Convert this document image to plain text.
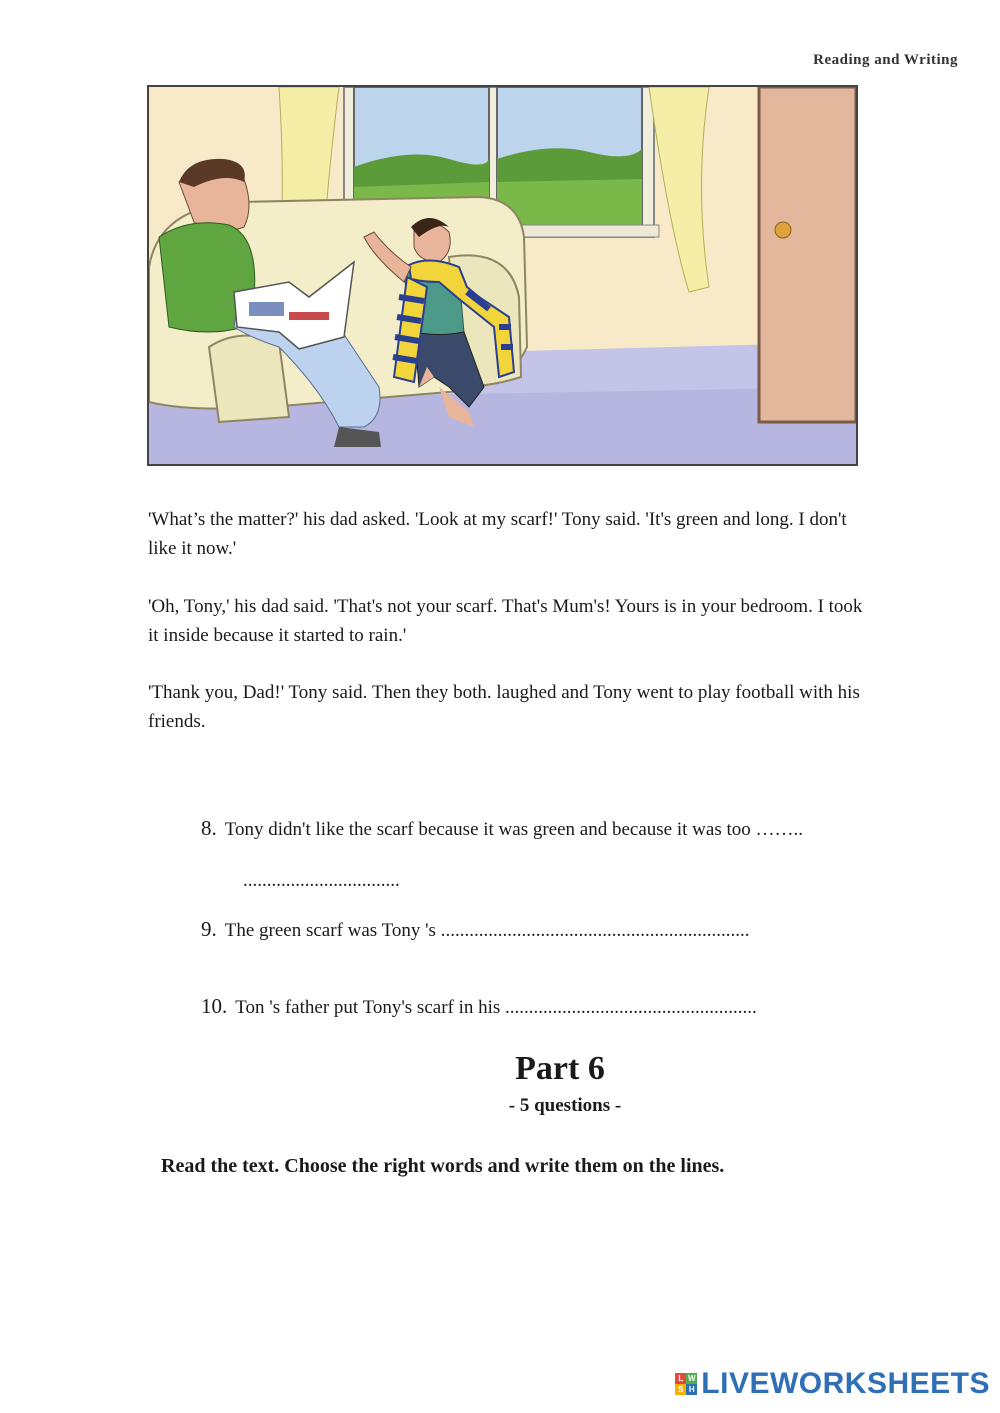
Reading and Writing
'What’s the matter?' his dad asked. 'Look at my scarf!' Tony said. 'It's green and long. I don't like it now.'
'Oh, Tony,' his dad said. 'That's not your scarf. That's Mum's! Yours is in your bedroom. I took it inside because it started to rain.'
'Thank you, Dad!' Tony said. Then they both. laughed and Tony went to play football with his friends.
8. Tony didn't like the scarf because it was green and because it was too ……..
.................................
9. The green scarf was Tony 's .................................................................
10. Ton 's father put Tony's scarf in his .....................................................
Part 6
- 5 questions -
Read the text. Choose the right words and write them on the lines.
L W
S H LIVEWORKSHEETS
